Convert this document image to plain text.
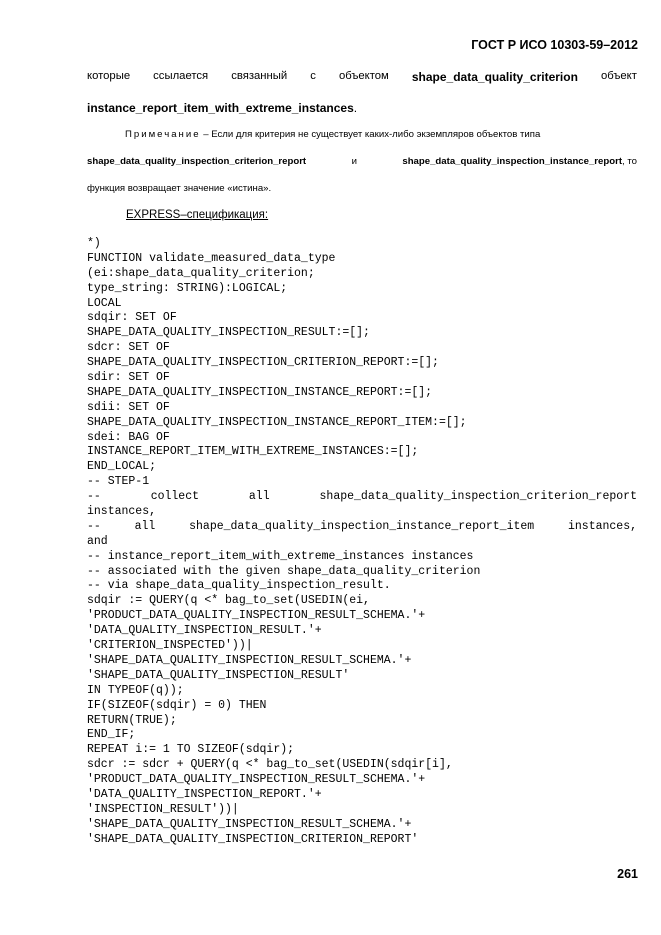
ГОСТ Р ИСО 10303-59–2012
которые ссылается связанный с объектом shape_data_quality_criterion объект
instance_report_item_with_extreme_instances.
Примечание – Если для критерия не существует каких-либо экземпляров объектов типа
shape_data_quality_inspection_criterion_report	и	shape_data_quality_inspection_instance_report, то
функция возвращает значение «истина».
EXPRESS–спецификация:
*)
FUNCTION validate_measured_data_type
(ei:shape_data_quality_criterion;
type_string: STRING):LOGICAL;
LOCAL
sdqir: SET OF
SHAPE_DATA_QUALITY_INSPECTION_RESULT:=[];
sdcr: SET OF
SHAPE_DATA_QUALITY_INSPECTION_CRITERION_REPORT:=[];
sdir: SET OF
SHAPE_DATA_QUALITY_INSPECTION_INSTANCE_REPORT:=[];
sdii: SET OF
SHAPE_DATA_QUALITY_INSPECTION_INSTANCE_REPORT_ITEM:=[];
sdei: BAG OF
INSTANCE_REPORT_ITEM_WITH_EXTREME_INSTANCES:=[];
END_LOCAL;
-- STEP-1
--	collect	all	shape_data_quality_inspection_criterion_report
instances,
--	all	shape_data_quality_inspection_instance_report_item	instances,
and
-- instance_report_item_with_extreme_instances instances
-- associated with the given shape_data_quality_criterion
-- via shape_data_quality_inspection_result.
sdqir := QUERY(q <* bag_to_set(USEDIN(ei,
'PRODUCT_DATA_QUALITY_INSPECTION_RESULT_SCHEMA.'+
'DATA_QUALITY_INSPECTION_RESULT.'+
'CRITERION_INSPECTED'))|
'SHAPE_DATA_QUALITY_INSPECTION_RESULT_SCHEMA.'+
'SHAPE_DATA_QUALITY_INSPECTION_RESULT'
IN TYPEOF(q));
IF(SIZEOF(sdqir) = 0) THEN
RETURN(TRUE);
END_IF;
REPEAT i:= 1 TO SIZEOF(sdqir);
sdcr := sdcr + QUERY(q <* bag_to_set(USEDIN(sdqir[i],
'PRODUCT_DATA_QUALITY_INSPECTION_RESULT_SCHEMA.'+
'DATA_QUALITY_INSPECTION_REPORT.'+
'INSPECTION_RESULT'))|
'SHAPE_DATA_QUALITY_INSPECTION_RESULT_SCHEMA.'+
'SHAPE_DATA_QUALITY_INSPECTION_CRITERION_REPORT'
261
